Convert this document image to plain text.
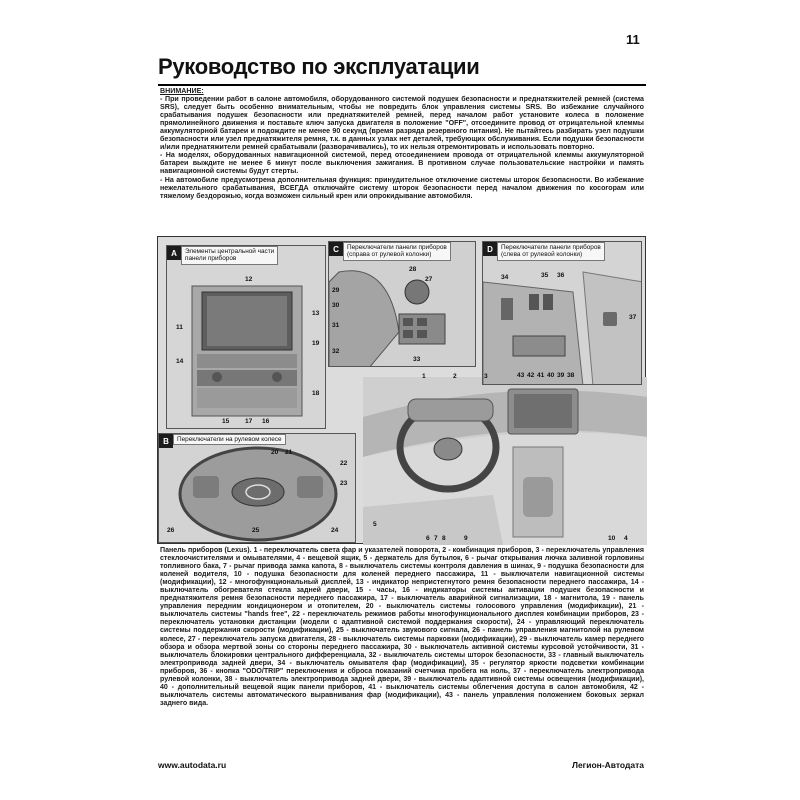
11
Руководство по эксплуатации
ВНИМАНИЕ:
- При проведении работ в салоне автомобиля, оборудованного системой подушек безопасности и преднатяжителей ремней (система SRS), следует быть особенно внимательным, чтобы не повредить блок управления системы SRS. Во избежание случайного срабатывания подушек безопасности или преднатяжителей ремней, перед началом работ установите колеса в положение прямолинейного движения и поставьте ключ запуска двигателя в положение "OFF", отсоедините провод от отрицательной клеммы аккумуляторной батареи и подождите не менее 90 секунд (время разряда резервного питания). Не пытайтесь разбирать узел подушки безопасности или узел преднатяжителя ремня, т.к. в данных узлах нет деталей, требующих обслуживания. Если подушки безопасности и/или преднатяжители ремней срабатывали (разворачивались), то их нельзя отремонтировать и использовать повторно.
- На моделях, оборудованных навигационной системой, перед отсоединением провода от отрицательной клеммы аккумуляторной батареи выждите не менее 6 минут после выключения зажигания. В противном случае пользовательские настройки и память навигационной системы будут стерты.
- На автомобиле предусмотрена дополнительная функция: принудительное отключение системы шторок безопасности. Во избежание нежелательного срабатывания, ВСЕГДА отключайте систему шторок безопасности перед началом движения по косогорам или тяжелому бездорожью, когда возможен сильный крен или опрокидывание автомобиля.
A	Элементы центральной части
панели приборов
12
13
11
19
14
18
15 17 16
B	Переключатели на рулевом колесе
20 21
22
23
26	25	24
C	Переключатели панели приборов
(справа от рулевой колонки)
28
27
29
30
31
32
33
D	Переключатели панели приборов
(слева от рулевой колонки)
34	35 36
37
43 42 41 40 39 38
1	2	3
5
6 7 8	9	10 4
Панель приборов (Lexus). 1 - переключатель света фар и указателей поворота, 2 - комбинация приборов, 3 - переключатель управления стеклоочистителями и омывателями, 4 - вещевой ящик, 5 - держатель для бутылок, 6 - рычаг открывания лючка заливной горловины топливного бака, 7 - рычаг привода замка капота, 8 - выключатель системы контроля давления в шинах, 9 - подушка безопасности для коленей водителя, 10 - подушка безопасности для коленей переднего пассажира, 11 - выключатели навигационной системы (модификации), 12 - многофункциональный дисплей, 13 - индикатор непристегнутого ремня безопасности переднего пассажира, 14 - выключатель обогревателя стекла задней двери, 15 - часы, 16 - индикаторы системы активации подушек безопасности и преднатяжителя ремня безопасности переднего пассажира, 17 - выключатель аварийной сигнализации, 18 - магнитола, 19 - панель управления передним кондиционером и отопителем, 20 - выключатель системы голосового управления (модификации), 21 - выключатель системы "hands free", 22 - переключатель режимов работы многофункционального дисплея комбинации приборов, 23 - переключатель установки дистанции (модели с адаптивной системой поддержания скорости), 24 - управляющий переключатель системы поддержания скорости (модификации), 25 - выключатель звукового сигнала, 26 - панель управления магнитолой на рулевом колесе, 27 - переключатель запуска двигателя, 28 - выключатель системы парковки (модификации), 29 - выключатель камер переднего обзора и обзора мертвой зоны со стороны переднего пассажира, 30 - выключатель активной системы курсовой устойчивости, 31 - выключатель блокировки центрального дифференциала, 32 - выключатель системы шторок безопасности, 33 - главный выключатель электропривода задней двери, 34 - выключатель омывателя фар (модификации), 35 - регулятор яркости подсветки комбинации приборов, 36 - кнопка "ODO/TRIP" переключения и сброса показаний счетчика пробега на ноль, 37 - переключатель электропривода рулевой колонки, 38 - выключатель электропривода задней двери, 39 - выключатель адаптивной системы освещения (модификации), 40 - дополнительный вещевой ящик панели приборов, 41 - выключатель системы облегчения доступа в салон автомобиля, 42 - выключатель системы автоматического выравнивания фар (модификации), 43 - панель управления положением боковых зеркал заднего вида.
www.autodata.ru	Легион-Автодата
